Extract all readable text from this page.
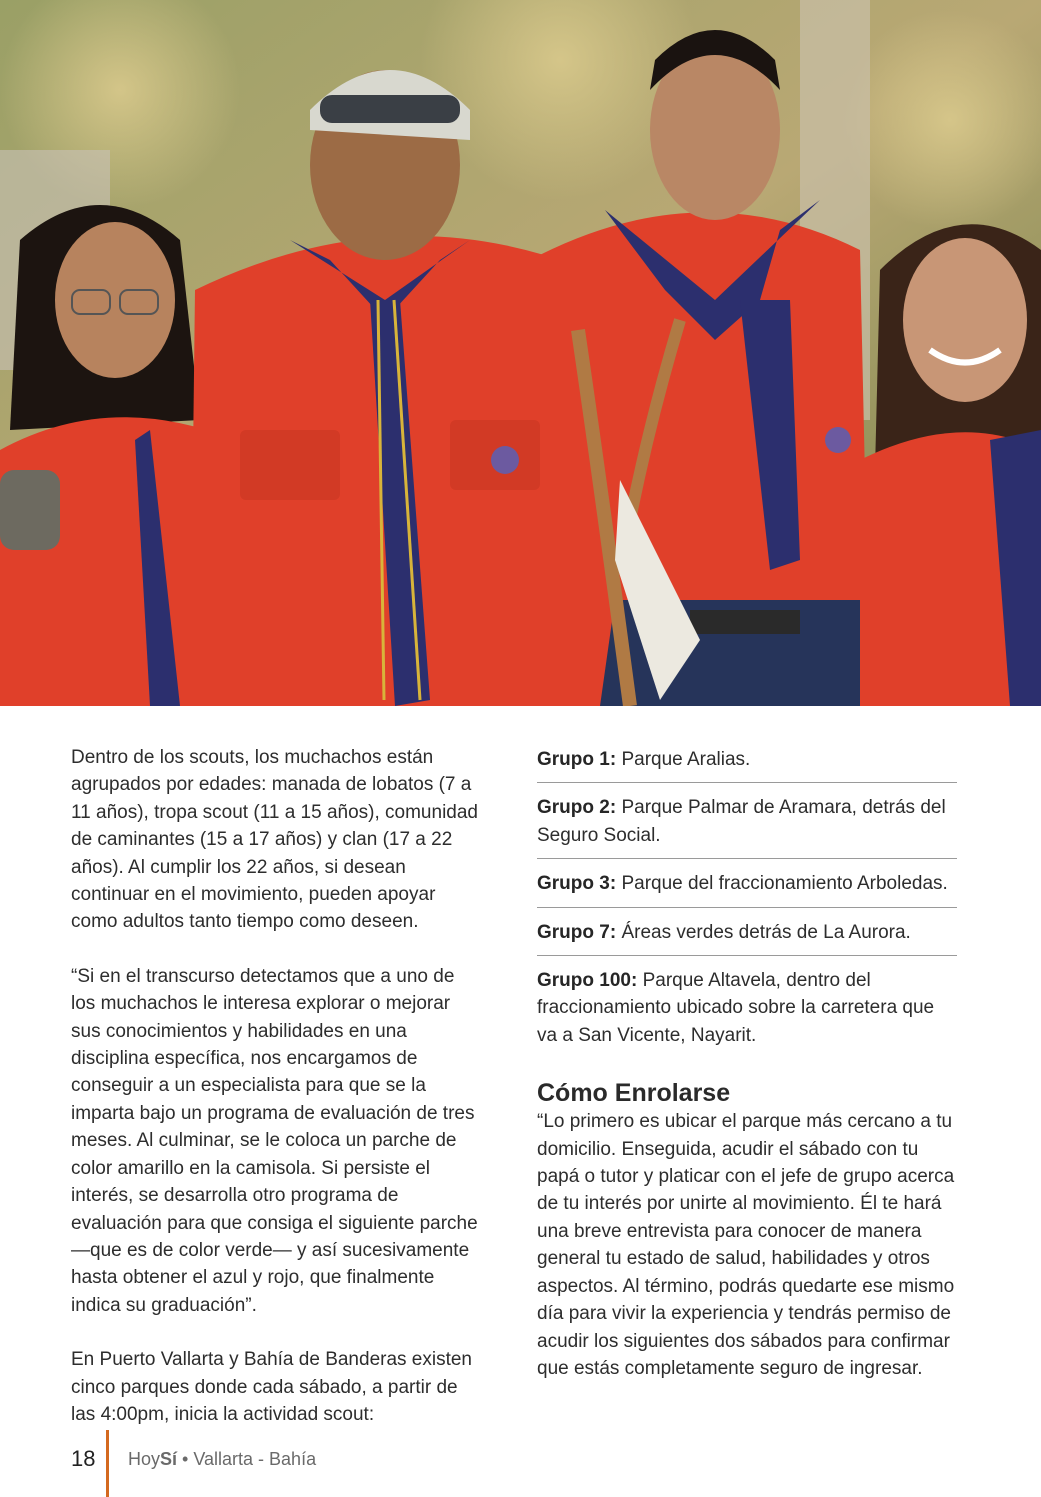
Dentro de los scouts, los muchachos están agrupados por edades: manada de lobatos (7 a 11 años), tropa scout (11 a 15 años), comunidad de caminantes (15 a 17 años) y clan (17 a 22 años). Al cumplir los 22 años, si desean continuar en el movimiento, pueden apoyar como adultos tanto tiempo como deseen.

“Si en el transcurso detectamos que a uno de los muchachos le interesa explorar o mejorar sus conocimientos y habilidades en una disciplina específica, nos encargamos de conseguir a un especialista para que se la imparta bajo un programa de evaluación de tres meses. Al culminar, se le coloca un parche de color amarillo en la camisola. Si persiste el interés, se desarrolla otro programa de evaluación para que consiga el siguiente parche —que es de color verde— y así sucesivamente hasta obtener el azul y rojo, que finalmente indica su graduación”.

En Puerto Vallarta y Bahía de Banderas existen cinco parques donde cada sábado, a partir de las 4:00pm, inicia la actividad scout:

Grupo 1: Parque Aralias.
Grupo 2: Parque Palmar de Aramara, detrás del Seguro Social.
Grupo 3: Parque del fraccionamiento Arboledas.
Grupo 7: Áreas verdes detrás de La Aurora.
Grupo 100: Parque Altavela, dentro del fraccionamiento ubicado sobre la carretera que va a San Vicente, Nayarit.
Cómo Enrolarse

“Lo primero es ubicar el parque más cercano a tu domicilio. Enseguida, acudir el sábado con tu papá o tutor y platicar con el jefe de grupo acerca de tu interés por unirte al movimiento. Él te hará una breve entrevista para conocer de manera general tu estado de salud, habilidades y otros aspectos. Al término, podrás quedarte ese mismo día para vivir la experiencia y tendrás permiso de acudir los siguientes dos sábados para confirmar que estás completamente seguro de ingresar.

18 HoySí • Vallarta - Bahía
